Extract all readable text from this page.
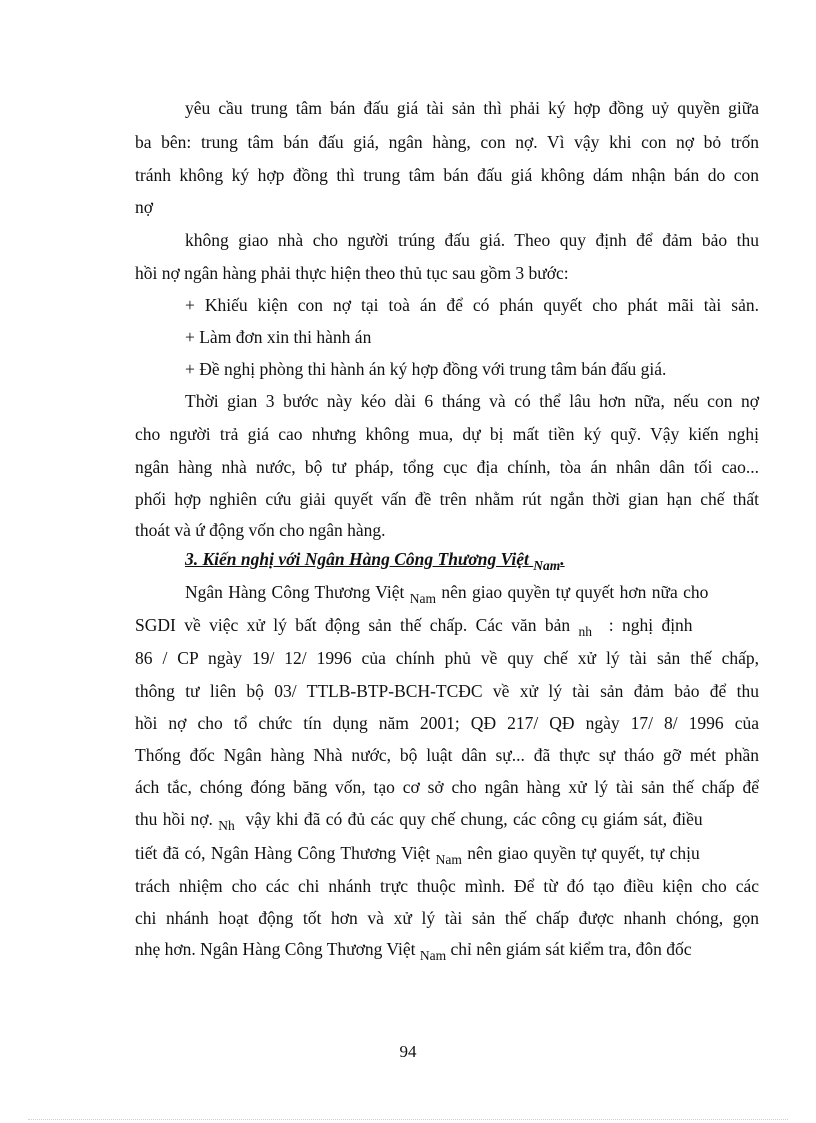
yêu cầu trung tâm bán đấu giá tài sản thì phải ký hợp đồng uỷ quyền giữa
ba bên: trung tâm bán đấu giá, ngân hàng, con nợ. Vì vậy khi con nợ bỏ trốn
tránh không ký hợp đồng thì trung tâm bán đấu giá không dám nhận bán do con
nợ
không giao nhà cho người trúng đấu giá. Theo quy định để đảm bảo thu
hồi nợ ngân hàng phải thực hiện theo thủ tục sau gồm 3 bước:
+ Khiếu kiện con nợ tại toà án để có phán quyết cho phát mãi tài sản.
+ Làm đơn xin thi hành án
+ Đề nghị phòng thi hành án ký hợp đồng với trung tâm bán đấu giá.
Thời gian 3 bước này kéo dài 6 tháng và có thể lâu hơn nữa, nếu con nợ
cho người trả giá cao nhưng không mua, dự bị mất tiền ký quỹ. Vậy kiến nghị
ngân hàng nhà nước, bộ tư pháp, tổng cục địa chính, tòa án nhân dân tối cao...
phối hợp nghiên cứu giải quyết vấn đề trên nhằm rút ngắn thời gian hạn chế thất
thoát và ứ động vốn cho ngân hàng.
3. Kiến nghị với Ngân Hàng Công Thương Việt $_{Nam}$.
Ngân Hàng Công Thương Việt $_{Nam}$ nên giao quyền tự quyết hơn nữa cho
SGDI về việc xử lý bất động sản thế chấp. Các văn bản $_{nh}$ : nghị định
86 / CP ngày 19/ 12/ 1996 của chính phủ về quy chế xử lý tài sản thế chấp,
thông tư liên bộ 03/ TTLB-BTP-BCH-TCĐC về xử lý tài sản đảm bảo để thu
hồi nợ cho tổ chức tín dụng năm 2001; QĐ 217/ QĐ ngày 17/ 8/ 1996 của
Thống đốc Ngân hàng Nhà nước, bộ luật dân sự... đã thực sự tháo gỡ mét phần
ách tắc, chóng đóng băng vốn, tạo cơ sở cho ngân hàng xử lý tài sản thế chấp để
thu hồi nợ. $_{Nh}$ vậy khi đã có đủ các quy chế chung, các công cụ giám sát, điều
tiết đã có, Ngân Hàng Công Thương Việt $_{Nam}$ nên giao quyền tự quyết, tự chịu
trách nhiệm cho các chi nhánh trực thuộc mình. Để từ đó tạo điều kiện cho các
chi nhánh hoạt động tốt hơn và xử lý tài sản thế chấp được nhanh chóng, gọn
nhẹ hơn. Ngân Hàng Công Thương Việt $_{Nam}$ chỉ nên giám sát kiểm tra, đôn đốc
94
